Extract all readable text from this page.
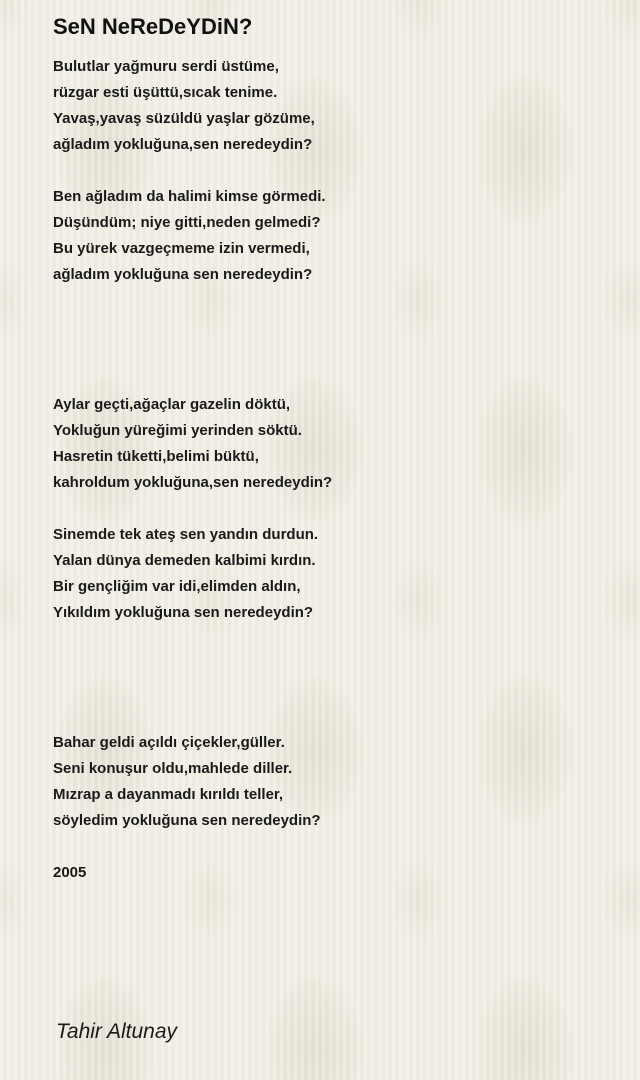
SeN NeReDeYDiN?
Bulutlar yağmuru serdi üstüme,
rüzgar esti üşüttü,sıcak tenime.
Yavaş,yavaş süzüldü yaşlar gözüme,
ağladım yokluğuna,sen neredeydin?
Ben ağladım da halimi kimse görmedi.
Düşündüm; niye gitti,neden gelmedi?
Bu yürek vazgeçmeme izin vermedi,
ağladım yokluğuna sen neredeydin?
Aylar geçti,ağaçlar gazelin döktü,
Yokluğun yüreğimi yerinden söktü.
Hasretin tüketti,belimi büktü,
kahroldum yokluğuna,sen neredeydin?
Sinemde tek ateş sen yandın durdun.
Yalan dünya demeden kalbimi kırdın.
Bir gençliğim var idi,elimden aldın,
Yıkıldım yokluğuna sen neredeydin?
Bahar geldi açıldı çiçekler,güller.
Seni konuşur oldu,mahlede diller.
Mızrap a dayanmadı kırıldı teller,
söyledim yokluğuna sen neredeydin?
2005
Tahir Altunay
